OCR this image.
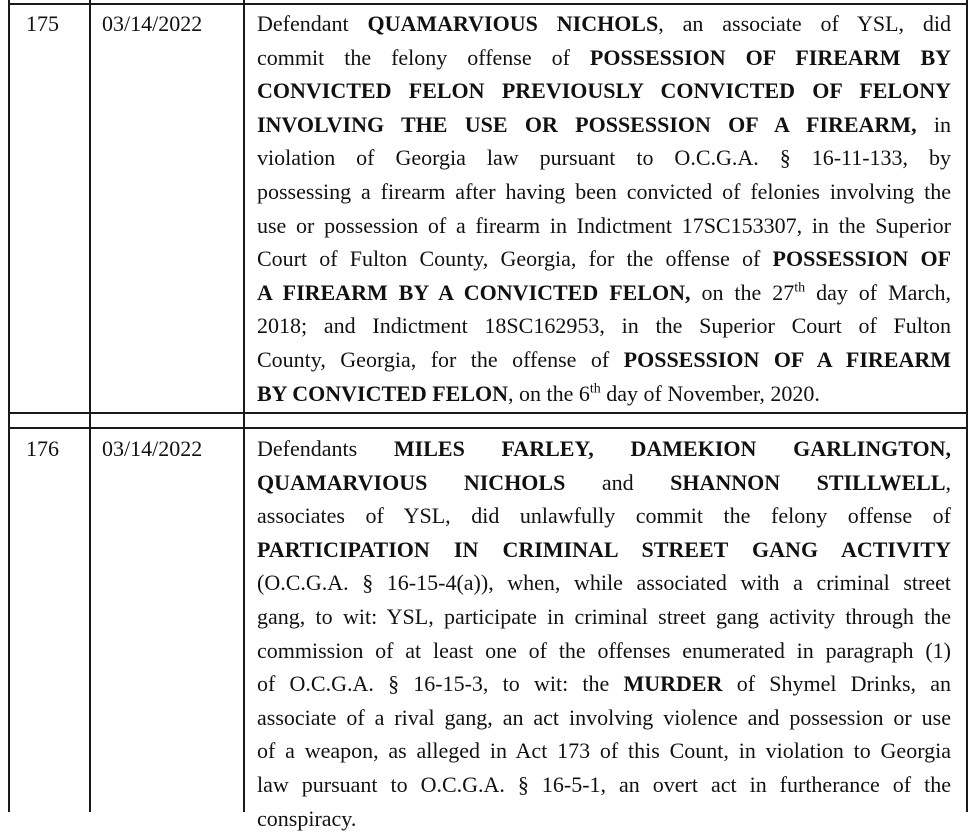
175 03/14/2022 Defendant QUAMARVIOUS NICHOLS, an associate of YSL, did
commit the felony offense of POSSESSION OF FIREARM BY
CONVICTED FELON PREVIOUSLY CONVICTED OF FELONY
INVOLVING THE USE OR POSSESSION OF A FIREARM, in
violation of Georgia law pursuant to O.C.G.A. § 16-11-133, by
possessing a firearm after having been convicted of felonies involving the
use or possession of a firearm in Indictment 17SC153307, in the Superior
Court of Fulton County, Georgia, for the offense of POSSESSION OF
A FIREARM BY A CONVICTED FELON, on the 27th day of March,
2018; and Indictment 18SC162953, in the Superior Court of Fulton
County, Georgia, for the offense of POSSESSION OF A FIREARM
BY CONVICTED FELON, on the 6th day of November, 2020.
176 03/14/2022 Defendants MILES FARLEY, DAMEKION GARLINGTON,
QUAMARVIOUS NICHOLS and SHANNON STILLWELL,
associates of YSL, did unlawfully commit the felony offense of
PARTICIPATION IN CRIMINAL STREET GANG ACTIVITY
(O.C.G.A. § 16-15-4(a)), when, while associated with a criminal street
gang, to wit: YSL, participate in criminal street gang activity through the
commission of at least one of the offenses enumerated in paragraph (1)
of O.C.G.A. § 16-15-3, to wit: the MURDER of Shymel Drinks, an
associate of a rival gang, an act involving violence and possession or use
of a weapon, as alleged in Act 173 of this Count, in violation to Georgia
law pursuant to O.C.G.A. § 16-5-1, an overt act in furtherance of the
conspiracy.
